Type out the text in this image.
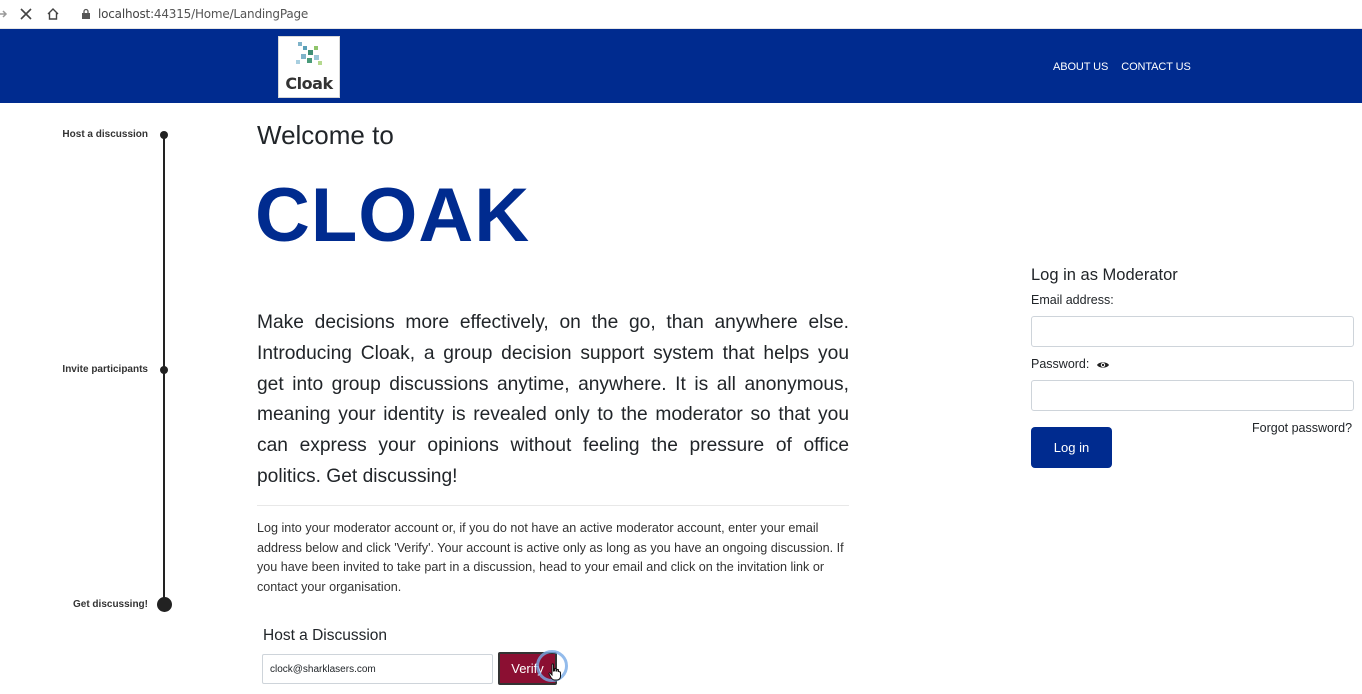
localhost:44315/Home/LandingPage
Cloak
ABOUT US CONTACT US
Host a discussion
Invite participants
Get discussing!
Welcome to
CLOAK

Make decisions more effectively, on the go, than anywhere else. Introducing Cloak, a group decision support system that helps you get into group discussions anytime, anywhere. It is all anonymous, meaning your identity is revealed only to the moderator so that you can express your opinions without feeling the pressure of office politics. Get discussing!

Log into your moderator account or, if you do not have an active moderator account, enter your email address below and click 'Verify'. Your account is active only as long as you have an ongoing discussion. If you have been invited to take part in a discussion, head to your email and click on the invitation link or contact your organisation.

Host a Discussion
clock@sharklasers.com
Verify
Log in as Moderator
Email address:
Password:
Forgot password?
Log in
